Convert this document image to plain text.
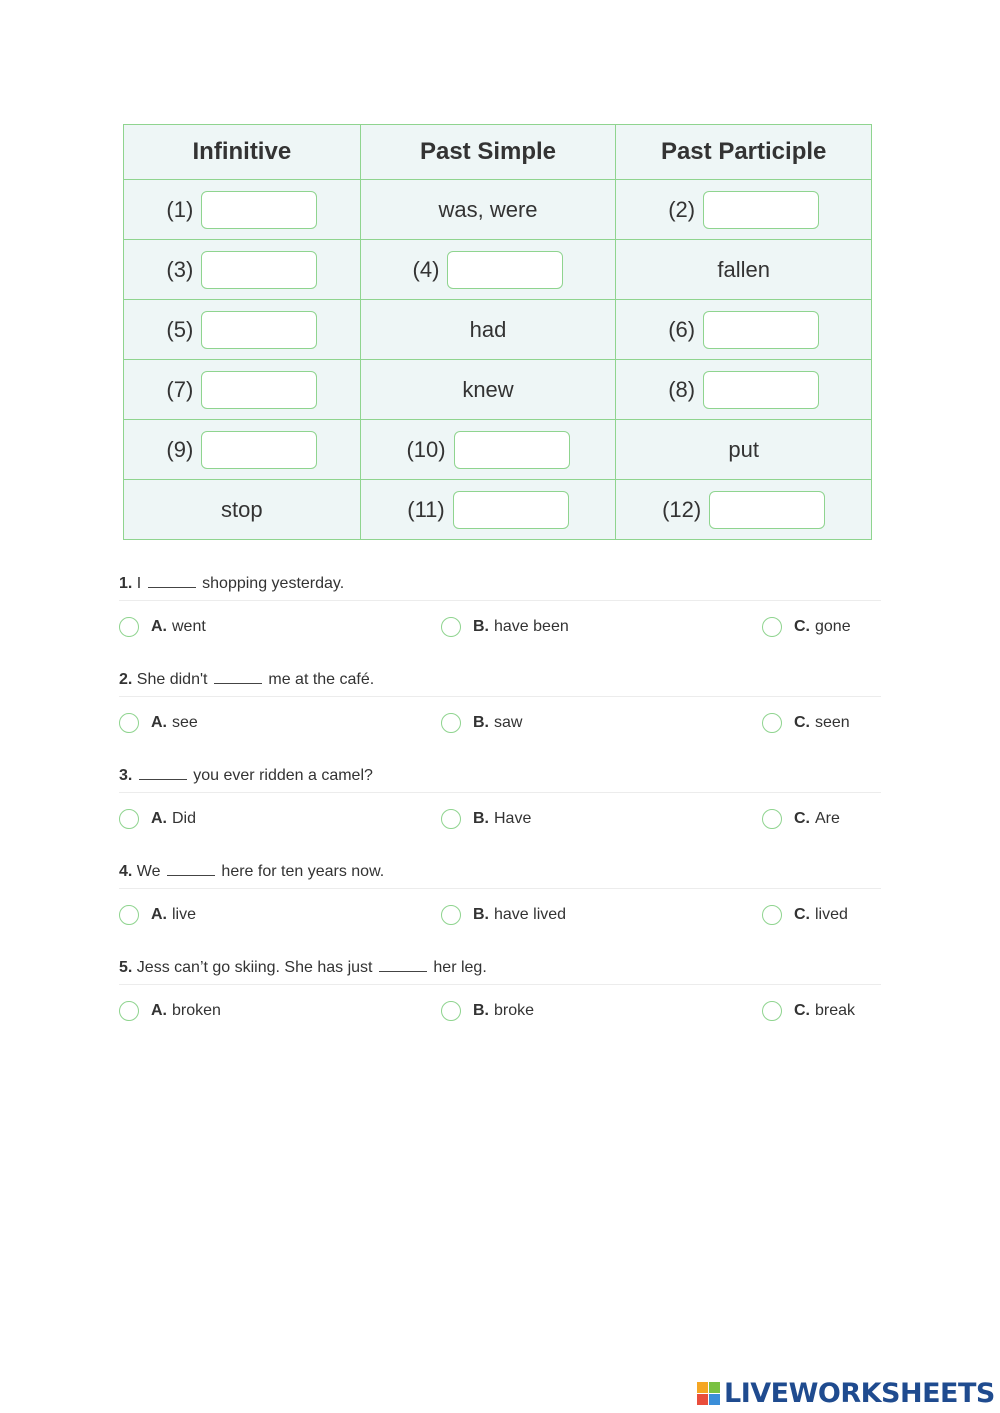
Infinitive	Past Simple	Past Participle

(1)	was, were	(2)

(3)	(4)	fallen

(5)	had	(6)

(7)	knew	(8)

(9)	(10)	put

stop	(11)	(12)
1. I	shopping yesterday.
A. went	B. have been	C. gone
2. She didn't	me at the café.
A. see	B. saw	C. seen
3.	you ever ridden a camel?
A. Did	B. Have	C. Are
4. We	here for ten years now.
A. live	B. have lived	C. lived
5. Jess can’t go skiing. She has just	her leg.
A. broken	B. broke	C. break
LIVEWORKSHEETS
